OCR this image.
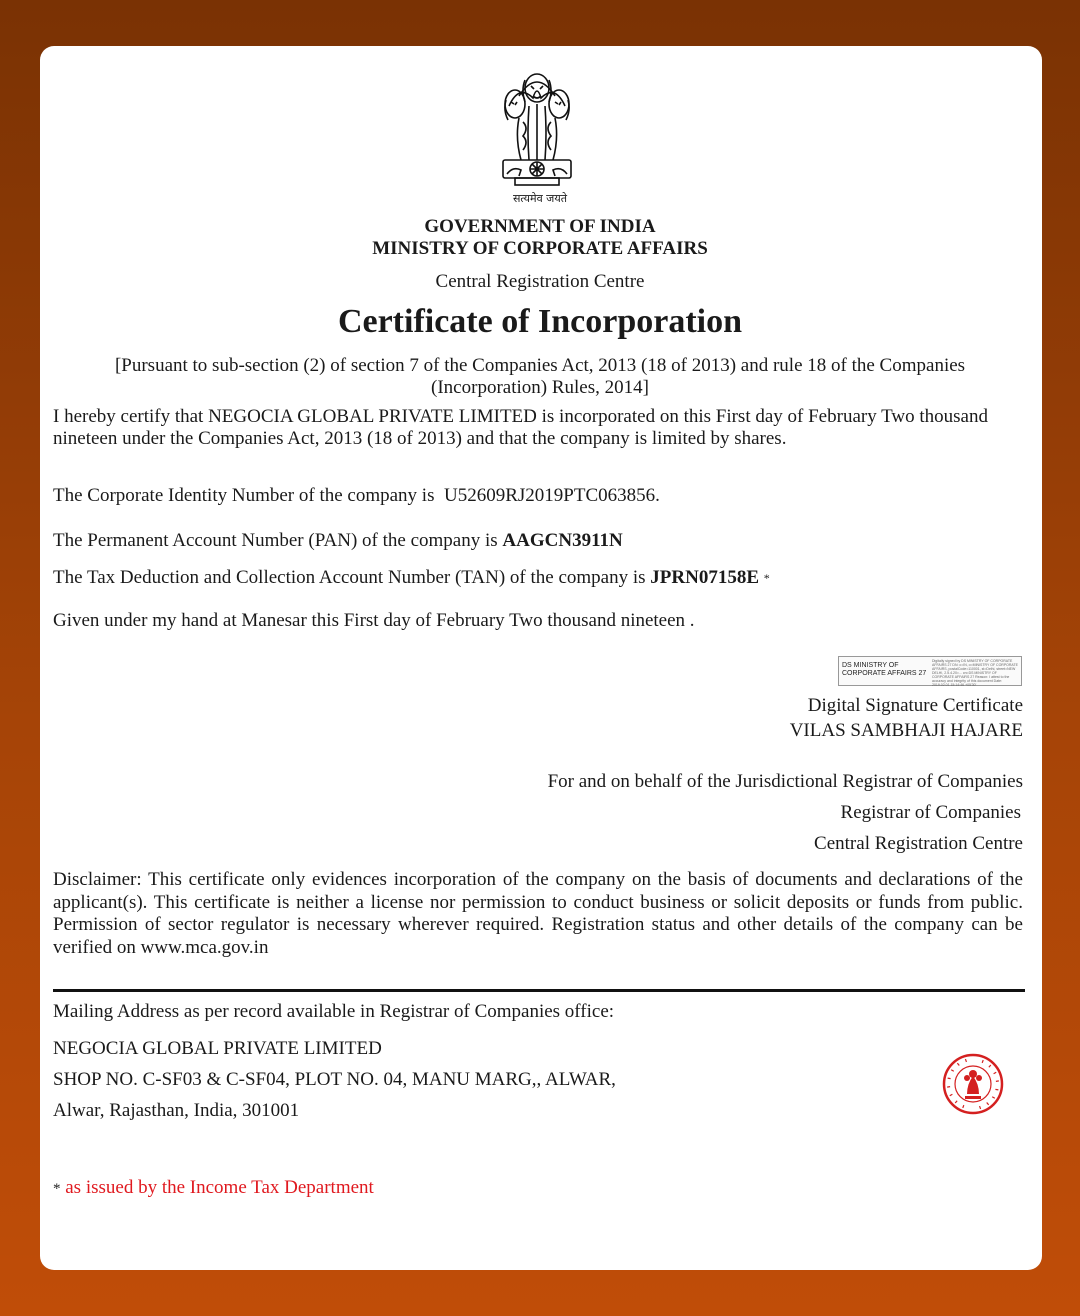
सत्यमेव जयते
GOVERNMENT OF INDIA
MINISTRY OF CORPORATE AFFAIRS
Central Registration Centre
Certificate of Incorporation
[Pursuant to sub-section (2) of section 7 of the Companies Act, 2013 (18 of 2013) and rule 18 of the Companies (Incorporation) Rules, 2014]
I hereby certify that NEGOCIA GLOBAL PRIVATE LIMITED is incorporated on this First day of February Two thousand nineteen under the Companies Act, 2013 (18 of 2013) and that the company is limited by shares.
The Corporate Identity Number of the company is U52609RJ2019PTC063856.
The Permanent Account Number (PAN) of the company is AAGCN3911N
The Tax Deduction and Collection Account Number (TAN) of the company is JPRN07158E *
Given under my hand at Manesar this First day of February Two thousand nineteen .
DS MINISTRY OF CORPORATE AFFAIRS 27
Digitally signed by DS MINISTRY OF CORPORATE AFFAIRS 27 DN: c=IN, o=MINISTRY OF CORPORATE AFFAIRS, postalCode=110001, st=Delhi, street=NEW DELHI, 2.5.4.20=... cn=DS MINISTRY OF CORPORATE AFFAIRS 27 Reason: I attest to the accuracy and integrity of this document Date: 2019.02.01 15:14:46 +05'30'
Digital Signature Certificate
VILAS SAMBHAJI HAJARE
For and on behalf of the Jurisdictional Registrar of Companies
Registrar of Companies
Central Registration Centre
Disclaimer: This certificate only evidences incorporation of the company on the basis of documents and declarations of the applicant(s). This certificate is neither a license nor permission to conduct business or solicit deposits or funds from public. Permission of sector regulator is necessary wherever required. Registration status and other details of the company can be verified on www.mca.gov.in
Mailing Address as per record available in Registrar of Companies office:
NEGOCIA GLOBAL PRIVATE LIMITED
SHOP NO. C-SF03 & C-SF04, PLOT NO. 04, MANU MARG,, ALWAR,
Alwar, Rajasthan, India, 301001
* as issued by the Income Tax Department
